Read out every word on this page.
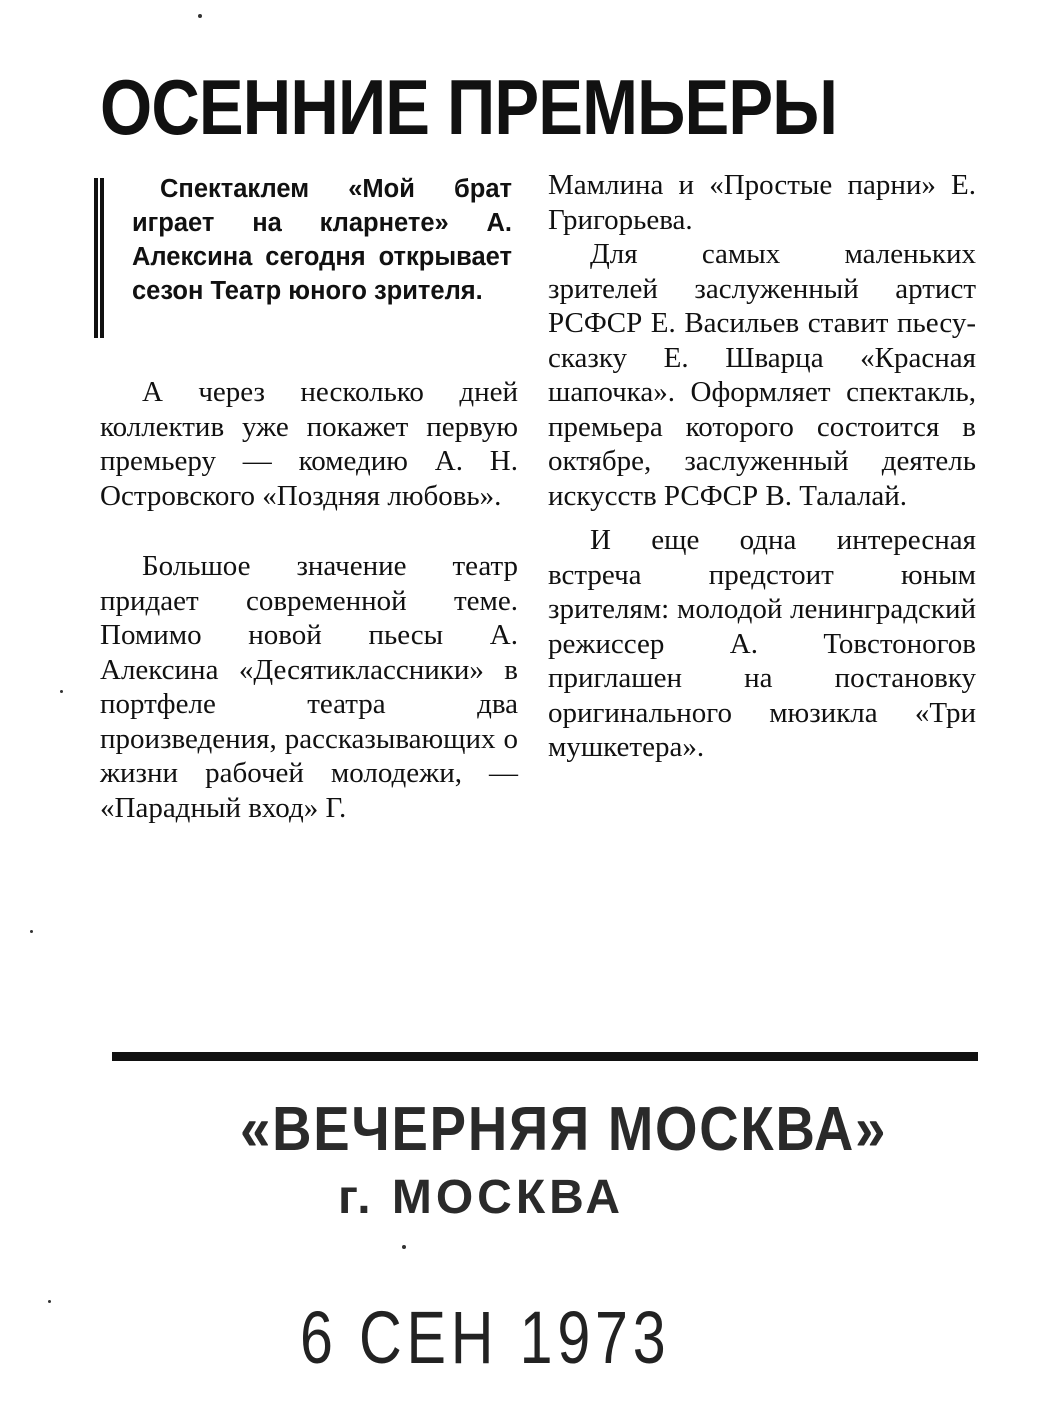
ОСЕННИЕ ПРЕМЬЕРЫ

Спектаклем «Мой брат играет на кларнете» А. Алексина сегодня открывает сезон Театр юного зрителя.

А через несколько дней коллектив уже покажет первую премьеру — комедию А. Н. Островского «Поздняя любовь».

Большое значение театр придает современной теме. Помимо новой пьесы А. Алексина «Десятиклассники» в портфеле театра два произведения, рассказывающих о жизни рабочей молодежи, — «Парадный вход» Г.

Мамлина и «Простые парни» Е. Григорьева.

Для самых маленьких зрителей заслуженный артист РСФСР Е. Васильев ставит пьесу-сказку Е. Шварца «Красная шапочка». Оформляет спектакль, премьера которого состоится в октябре, заслуженный деятель искусств РСФСР В. Талалай.

И еще одна интересная встреча предстоит юным зрителям: молодой ленинградский режиссер А. Товстоногов приглашен на постановку оригинального мюзикла «Три мушкетера».

«ВЕЧЕРНЯЯ МОСКВА»
г. МОСКВА
6 СЕН 1973
